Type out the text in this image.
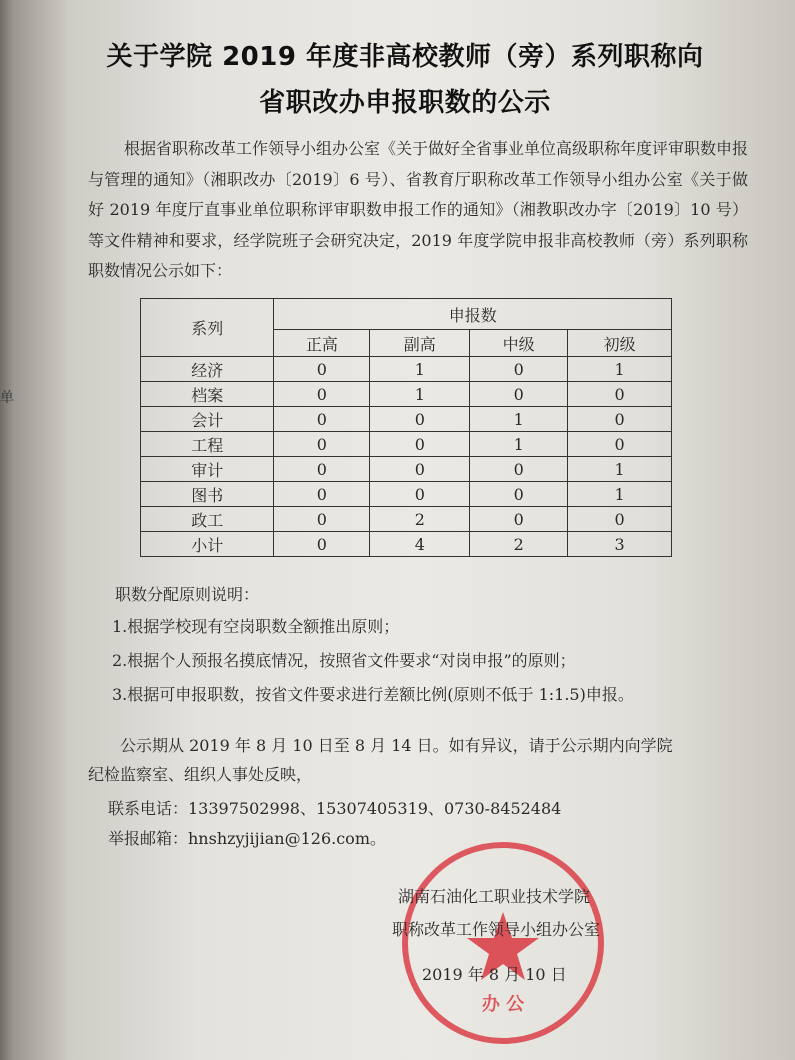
单
关于学院 2019 年度非高校教师（旁）系列职称向
省职改办申报职数的公示
根据省职称改革工作领导小组办公室《关于做好全省事业单位高级职称年度评审职数申报与管理的通知》（湘职改办〔2019〕6 号）、省教育厅职称改革工作领导小组办公室《关于做好 2019 年度厅直事业单位职称评审职数申报工作的通知》（湘教职改办字〔2019〕10 号）等文件精神和要求，经学院班子会研究决定，2019 年度学院申报非高校教师（旁）系列职称职数情况公示如下：
系列	申报数			
	正高	副高	中级	初级
经济	0	1	0	1
档案	0	1	0	0
会计	0	0	1	0
工程	0	0	1	0
审计	0	0	0	1
图书	0	0	0	1
政工	0	2	0	0
小计	0	4	2	3
职数分配原则说明：
1.根据学校现有空岗职数全额推出原则；
2.根据个人预报名摸底情况，按照省文件要求“对岗申报”的原则；
3.根据可申报职数，按省文件要求进行差额比例(原则不低于 1:1.5)申报。
公示期从 2019 年 8 月 10 日至 8 月 14 日。如有异议，请于公示期内向学院
纪检监察室、组织人事处反映，
联系电话：13397502998、15307405319、0730-8452484
举报邮箱：hnshzyjijian@126.com。
办 公
湖南石油化工职业技术学院
职称改革工作领导小组办公室
2019 年 8 月 10 日
